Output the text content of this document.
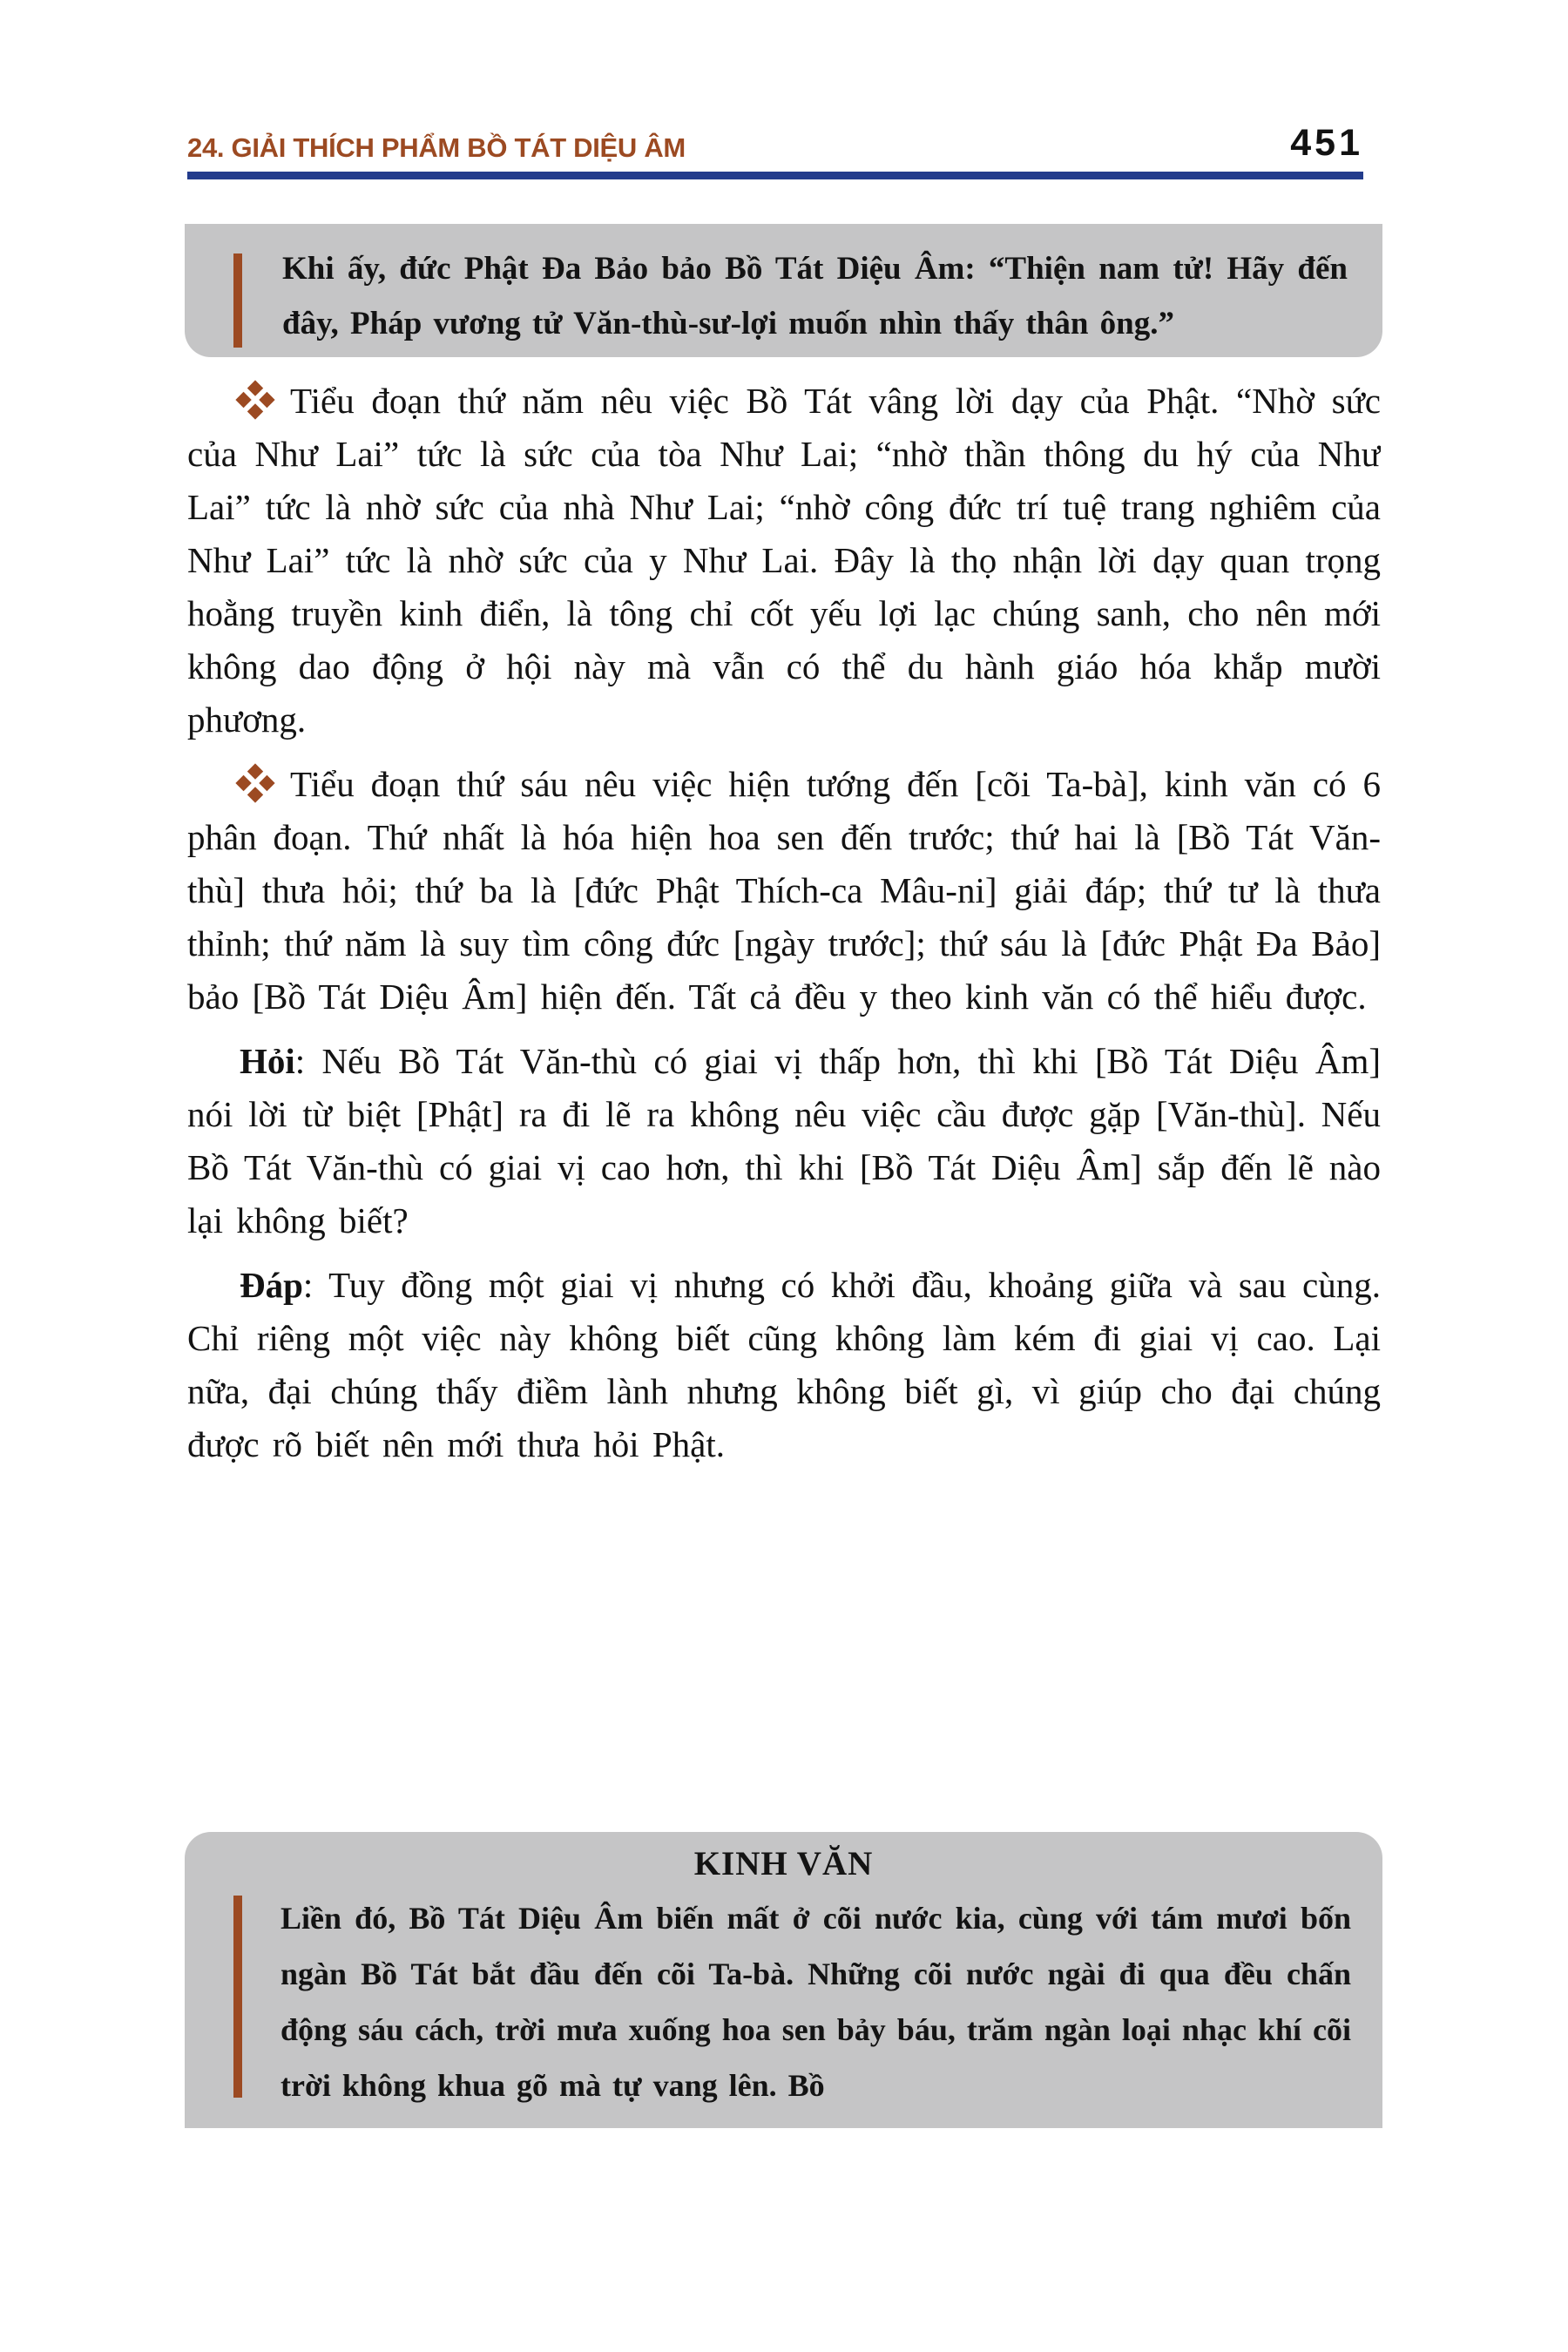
24. GIẢI THÍCH PHẨM BỒ TÁT DIỆU ÂM	451

Khi ấy, đức Phật Đa Bảo bảo Bồ Tát Diệu Âm: “Thiện nam tử! Hãy đến đây, Pháp vương tử Văn-thù-sư-lợi muốn nhìn thấy thân ông.”

Tiểu đoạn thứ năm nêu việc Bồ Tát vâng lời dạy của Phật. “Nhờ sức của Như Lai” tức là sức của tòa Như Lai; “nhờ thần thông du hý của Như Lai” tức là nhờ sức của nhà Như Lai; “nhờ công đức trí tuệ trang nghiêm của Như Lai” tức là nhờ sức của y Như Lai. Đây là thọ nhận lời dạy quan trọng hoằng truyền kinh điển, là tông chỉ cốt yếu lợi lạc chúng sanh, cho nên mới không dao động ở hội này mà vẫn có thể du hành giáo hóa khắp mười phương.

Tiểu đoạn thứ sáu nêu việc hiện tướng đến [cõi Ta-bà], kinh văn có 6 phân đoạn. Thứ nhất là hóa hiện hoa sen đến trước; thứ hai là [Bồ Tát Văn-thù] thưa hỏi; thứ ba là [đức Phật Thích-ca Mâu-ni] giải đáp; thứ tư là thưa thỉnh; thứ năm là suy tìm công đức [ngày trước]; thứ sáu là [đức Phật Đa Bảo] bảo [Bồ Tát Diệu Âm] hiện đến. Tất cả đều y theo kinh văn có thể hiểu được.

Hỏi: Nếu Bồ Tát Văn-thù có giai vị thấp hơn, thì khi [Bồ Tát Diệu Âm] nói lời từ biệt [Phật] ra đi lẽ ra không nêu việc cầu được gặp [Văn-thù]. Nếu Bồ Tát Văn-thù có giai vị cao hơn, thì khi [Bồ Tát Diệu Âm] sắp đến lẽ nào lại không biết?

Đáp: Tuy đồng một giai vị nhưng có khởi đầu, khoảng giữa và sau cùng. Chỉ riêng một việc này không biết cũng không làm kém đi giai vị cao. Lại nữa, đại chúng thấy điềm lành nhưng không biết gì, vì giúp cho đại chúng được rõ biết nên mới thưa hỏi Phật.

KINH VĂN

Liền đó, Bồ Tát Diệu Âm biến mất ở cõi nước kia, cùng với tám mươi bốn ngàn Bồ Tát bắt đầu đến cõi Ta-bà. Những cõi nước ngài đi qua đều chấn động sáu cách, trời mưa xuống hoa sen bảy báu, trăm ngàn loại nhạc khí cõi trời không khua gõ mà tự vang lên. Bồ
